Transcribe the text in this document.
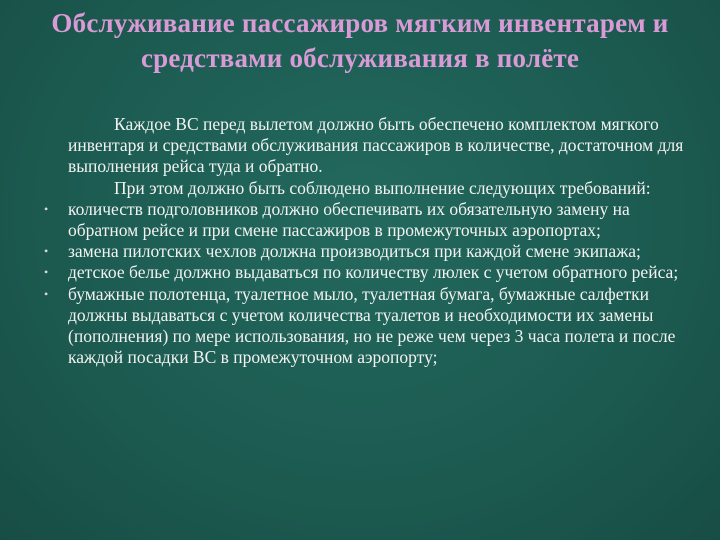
Обслуживание пассажиров мягким инвентарем и средствами обслуживания в полёте

Каждое ВС перед вылетом должно быть обеспечено комплектом мягкого инвентаря и средствами обслуживания пассажиров в количестве, достаточном для выполнения рейса туда и обратно.

При этом должно быть соблюдено выполнение следующих требований:

•	количеств подголовников должно обеспечивать их обязательную замену на обратном рейсе и при смене пассажиров в промежуточных аэропортах;
•	замена пилотских чехлов должна производиться при каждой смене экипажа;
•	детское белье должно выдаваться по количеству люлек с учетом обратного рейса;
•	бумажные полотенца, туалетное мыло, туалетная бумага, бумажные салфетки должны выдаваться с учетом количества туалетов и необходимости их замены (пополнения) по мере использования, но не реже чем через 3 часа полета и после каждой посадки ВС в промежуточном аэропорту;
